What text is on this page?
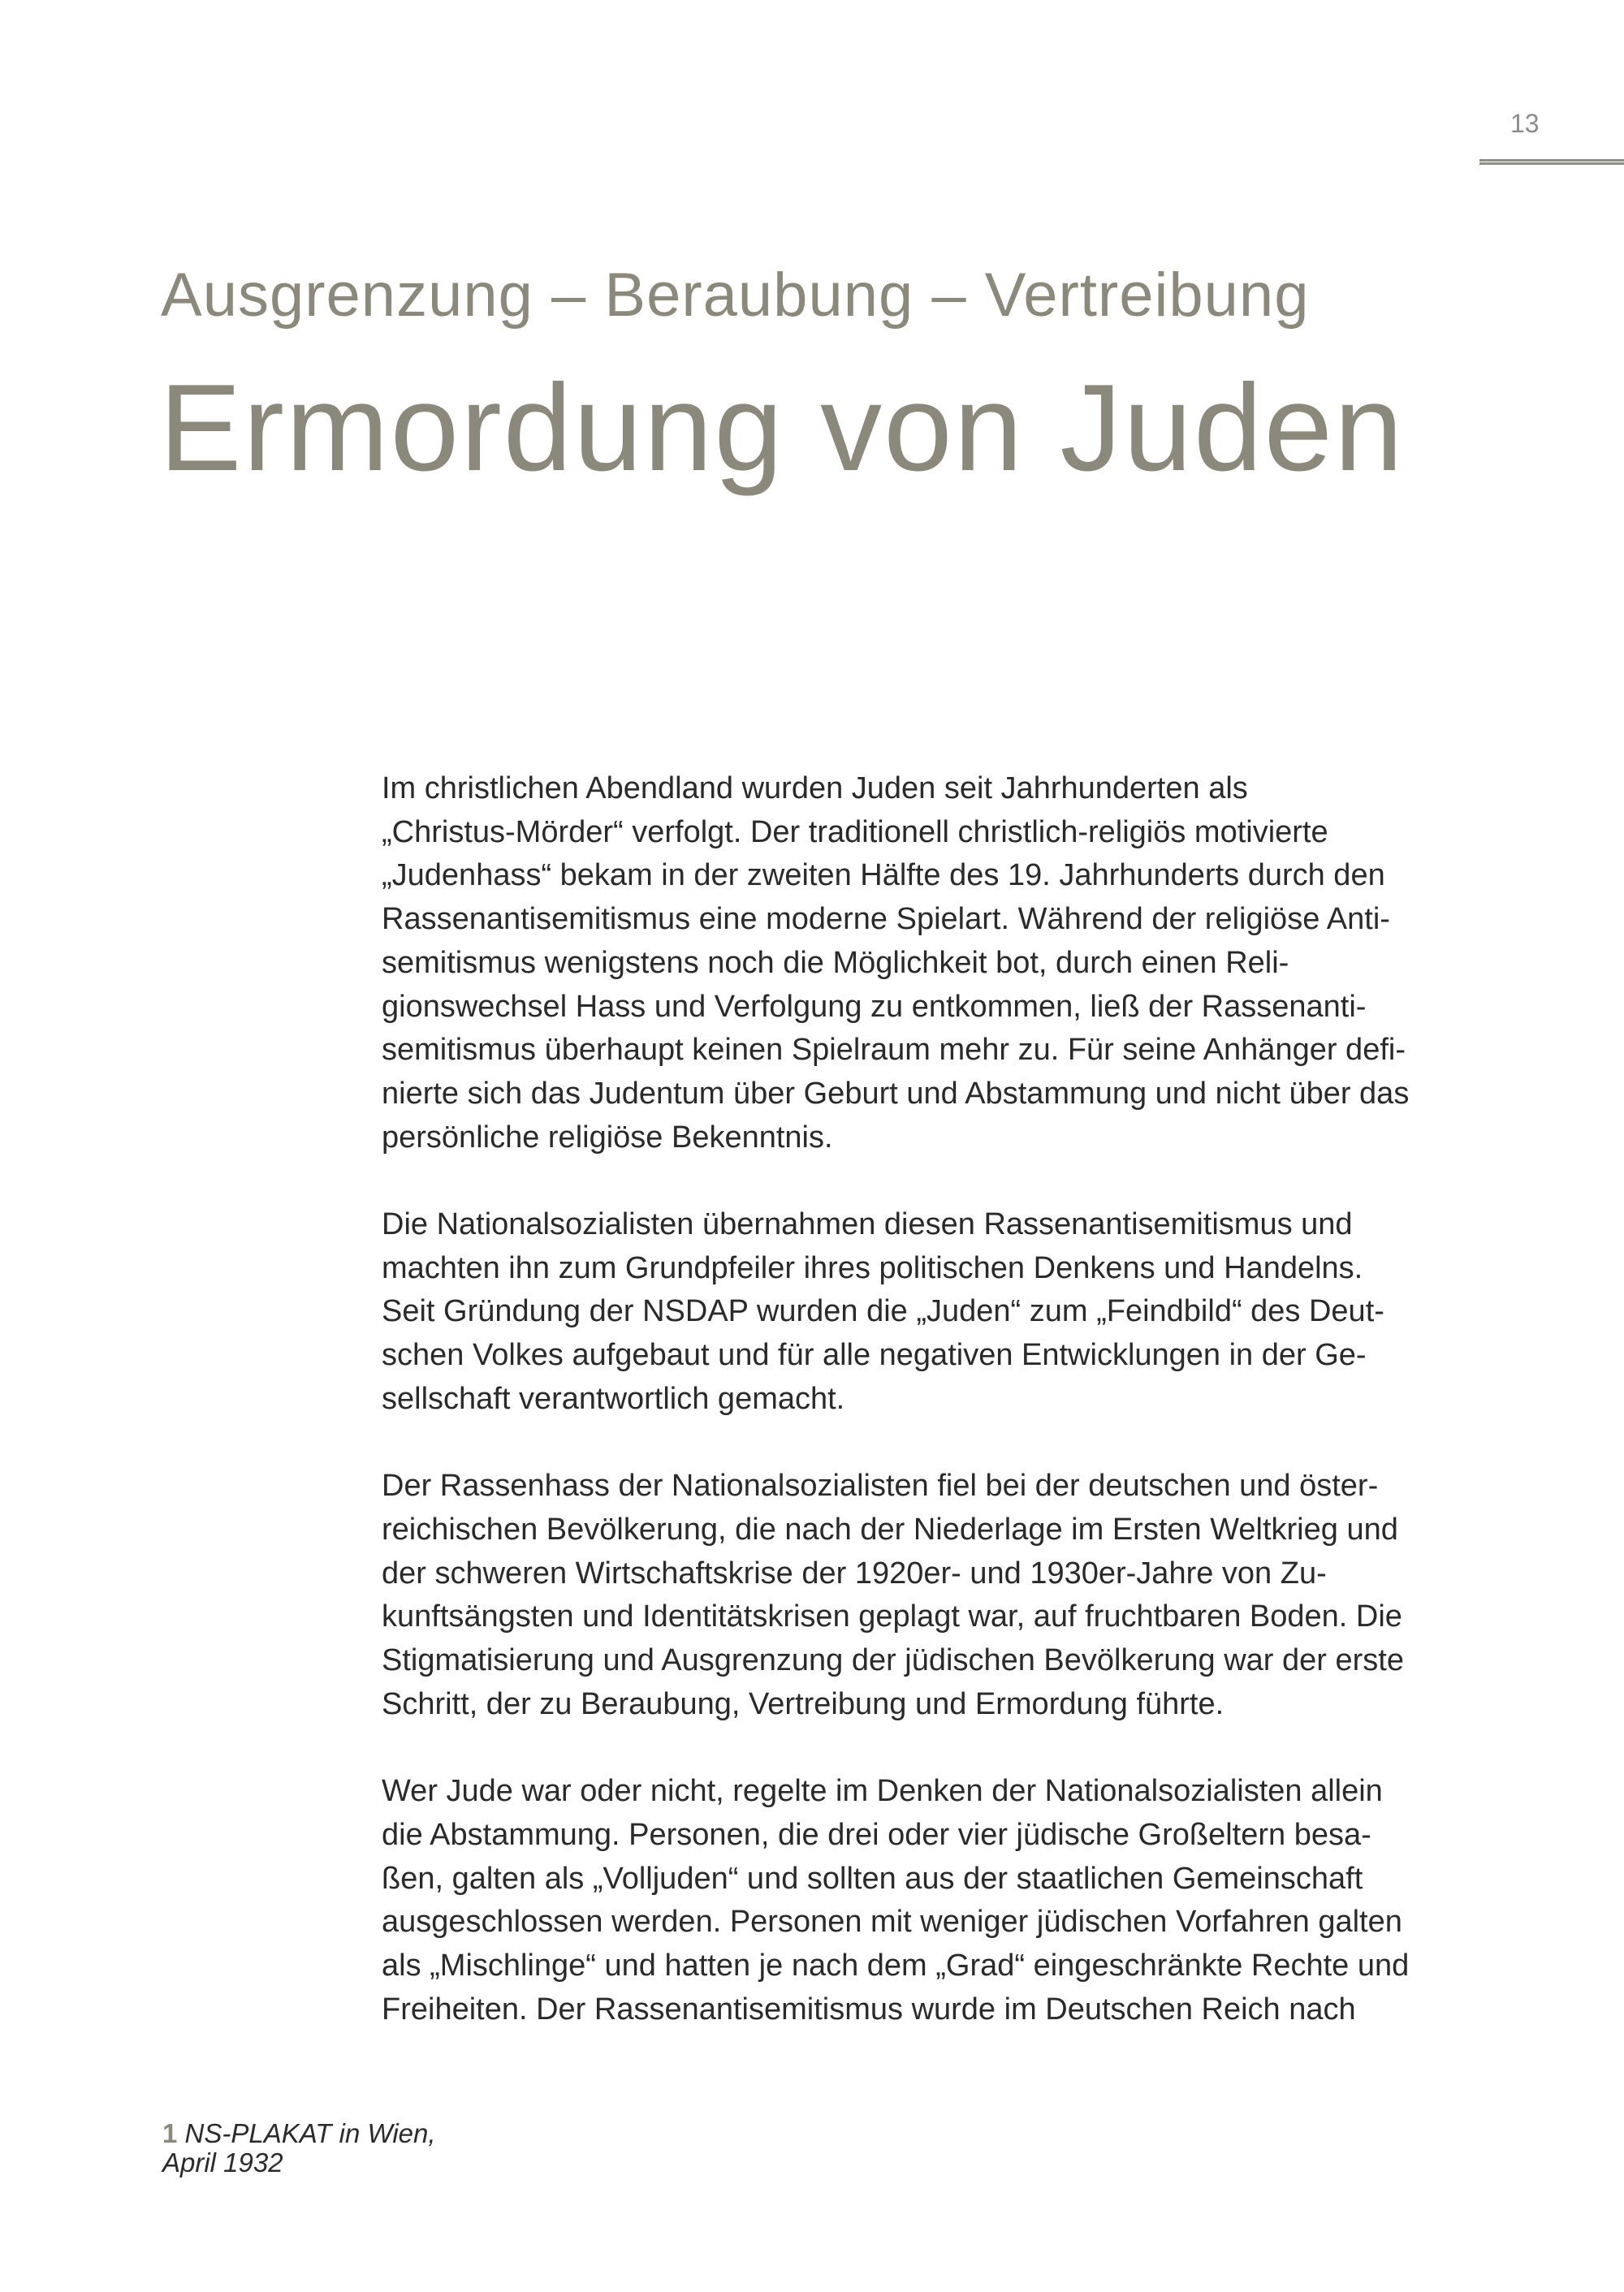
13
Ausgrenzung – Beraubung – Vertreibung
Ermordung von Juden
Im christlichen Abendland wurden Juden seit Jahrhunderten als
„Christus-Mörder“ verfolgt. Der traditionell christlich-religiös motivierte
„Judenhass“ bekam in der zweiten Hälfte des 19. Jahrhunderts durch den
Rassenantisemitismus eine moderne Spielart. Während der religiöse Anti-
semitismus wenigstens noch die Möglichkeit bot, durch einen Reli-
gionswechsel Hass und Verfolgung zu entkommen, ließ der Rassenanti-
semitismus überhaupt keinen Spielraum mehr zu. Für seine Anhänger defi-
nierte sich das Judentum über Geburt und Abstammung und nicht über das
persönliche religiöse Bekenntnis.
Die Nationalsozialisten übernahmen diesen Rassenantisemitismus und
machten ihn zum Grundpfeiler ihres politischen Denkens und Handelns.
Seit Gründung der NSDAP wurden die „Juden“ zum „Feindbild“ des Deut-
schen Volkes aufgebaut und für alle negativen Entwicklungen in der Ge-
sellschaft verantwortlich gemacht.
Der Rassenhass der Nationalsozialisten fiel bei der deutschen und öster-
reichischen Bevölkerung, die nach der Niederlage im Ersten Weltkrieg und
der schweren Wirtschaftskrise der 1920er- und 1930er-Jahre von Zu-
kunftsängsten und Identitätskrisen geplagt war, auf fruchtbaren Boden. Die
Stigmatisierung und Ausgrenzung der jüdischen Bevölkerung war der erste
Schritt, der zu Beraubung, Vertreibung und Ermordung führte.
Wer Jude war oder nicht, regelte im Denken der Nationalsozialisten allein
die Abstammung. Personen, die drei oder vier jüdische Großeltern besa-
ßen, galten als „Volljuden“ und sollten aus der staatlichen Gemeinschaft
ausgeschlossen werden. Personen mit weniger jüdischen Vorfahren galten
als „Mischlinge“ und hatten je nach dem „Grad“ eingeschränkte Rechte und
Freiheiten. Der Rassenantisemitismus wurde im Deutschen Reich nach
1 NS-PLAKAT in Wien,
April 1932
